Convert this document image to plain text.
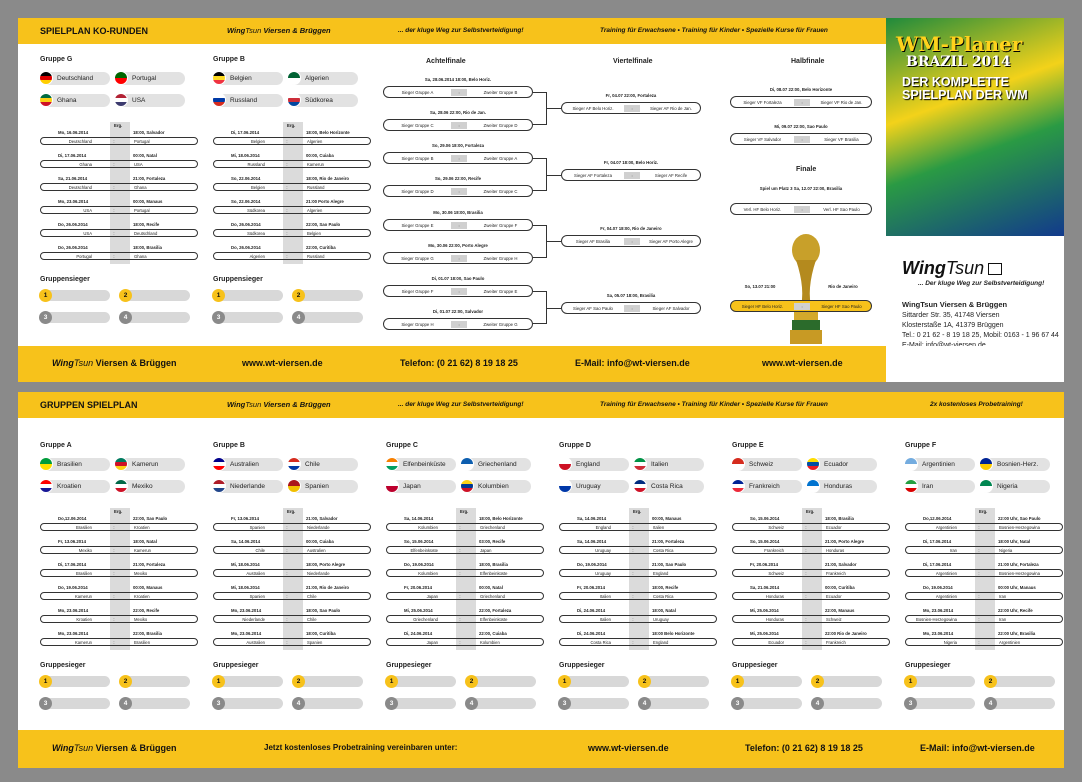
SPIELPLAN KO-RUNDEN	WingTsun Viersen & Brüggen	... der kluge Weg zur Selbstverteidigung!	Training für Erwachsene • Training für Kinder • Spezielle Kurse für Frauen
WM-Planer
BRAZIL 2014
DER KOMPLETTE
SPIELPLAN DER WM
WingTsun
... Der kluge Weg zur Selbstverteidigung!
WingTsun Viersen & Brüggen
Sittarder Str. 35, 41748 Viersen
Klosterstaße 1A, 41379 Brüggen
Tel.: 0 21 62 - 8 19 18 25, Mobil: 0163 - 1 96 67 44

WingTsun Viersen & Brüggen	www.wt-viersen.de	Telefon: (0 21 62) 8 19 18 25	E-Mail: info@wt-viersen.de	www.wt-viersen.de
Gruppe G
Deutschland	Portugal
Ghana	USA
Erg.
Mo, 16.06.2014	18:00, Salvador
Deutschland	:	Portugal
Di, 17.06.2014	00:00, Natal
Ghana	:	USA
Sa, 21.06.2014	21:00, Fortaleza
Deutschland	:	Ghana
Mo, 23.06.2014	00:00, Manaus
USA	:	Portugal
Do, 26.06.2014	18:00, Recife
USA	:	Deutschland
Do, 26.06.2014	18:00, Brasilia
Portugal	:	Ghana
Gruppensieger
1	2
3	4
Gruppe B
Belgien	Algerien
Russland	Südkorea
Erg.
Di, 17.06.2014	18:00, Belo Horizonte
Belgien	:	Algerien
Mi, 18.06.2014	00:00, Cuiaba
Russland	:	Kamerun
So, 22.06.2014	18:00, Rio de Janeiro
Belgien	:	Russland
So, 22.06.2014	21:00 Porto Alegre
Südkorea	:	Algerien
Do, 26.06.2014	22:00, Sao Paulo
Südkorea	:	Belgien
Do, 26.06.2014	22:00, Curitiba
Algerien	:	Russland
Gruppensieger
1	2
3	4
Achtelfinale	Viertelfinale	Halbfinale
Finale
Sa, 28.06.2014 18:00, Belo Horiz.
Sieger Gruppe A	:	Zweiter Gruppe B
Sa, 28.06 22:00, Rio de Jan.
Sieger Gruppe C	:	Zweiter Gruppe D
So, 29.06 18:00, Fortaleza
Sieger Gruppe B	:	Zweiter Gruppe A
So, 29.06 22:00, Recife
Sieger Gruppe D	:	Zweiter Gruppe C
Mo, 30.06 18:00, Brasilia
Sieger Gruppe E	:	Zweiter Gruppe F
Mo, 30.06 22:00, Porto Alegre
Sieger Gruppe G	:	Zweiter Gruppe H
Di, 01.07 18:00, Sao Paulo
Sieger Gruppe F	:	Zweiter Gruppe E
Di, 01.07 22:00, Salvador
Sieger Gruppe H	:	Zweiter Gruppe G
Fr, 04.07 22:00, Fortaleza
Sieger AF Belo Horiz.	:	Sieger AF Rio de Jan.
Fr, 04.07 18:00, Belo Horiz.
Sieger AF Fortaleza	:	Sieger AF Recife
Fr, 04.07 18:00, Rio de Janeiro
Sieger AF Brasilia	:	Sieger AF Porto Alegre
Sa, 05.07 18:00, Brasilia
Sieger AF Sao Paulo	:	Sieger AF Salvador
Di, 08.07 22:00, Belo Horizonte
Sieger VF Fortaleza	:	Sieger VF Rio de Jan.
Mi, 09.07 22:00, Sao Paulo
Sieger VF Salvador	:	Sieger VF Brasilia
Spiel um Platz 3 Sa, 12.07 22:00, Brasilia
Verl. HF Belo Horiz.	:	Verl. HF Sao Paulo
So, 13.07 21:00	Rio de Janeiro
Sieger HF Belo Horiz.	:	Sieger HF Sao Paulo
GRUPPEN SPIELPLAN	WingTsun Viersen & Brüggen	... der kluge Weg zur Selbstverteidigung!	Training für Erwachsene • Training für Kinder • Spezielle Kurse für Frauen	2x kostenloses Probetraining!
WingTsun Viersen & Brüggen	Jetzt kostenloses Probetraining vereinbaren unter:	www.wt-viersen.de	Telefon: (0 21 62) 8 19 18 25	E-Mail: info@wt-viersen.de
Gruppe A
Brasilien	Kamerun
Kroatien	Mexiko
Erg.
Do,12.06.2014	22:00, Sao Paulo
Brasilien	:	Kroatien
Fr, 13.06.2014	18:00, Natal
Mexiko	:	Kamerun
Di, 17.06.2014	21:00, Fortaleza
Brasilien	:	Mexiko
Do, 19.06.2014	00:00, Manaus
Kamerun	:	Kroatien
Mo, 23.06.2014	22:00, Recife
Kroatien	:	Mexiko
Mo, 23.06.2014	22:00, Brasilia
Kamerun	:	Brasilien
Gruppesieger
1	2
3	4
Gruppe B
Australien	Chile
Niederlande	Spanien
Erg.
Fr, 13.06.2014	21:00, Salvador
Spanien	:	Niederlande
Sa, 14.06.2014	00:00, Cuiaba
Chile	:	Australien
Mi, 18.06.2014	18:00, Porto Alegre
Australien	:	Niederlande
Mi, 18.06.2014	21:00, Rio de Janeiro
Spanien	:	Chile
Mo, 23.06.2014	18:00, Sao Paulo
Niederlande	:	Chile
Mo, 23.06.2014	18:00, Curitiba
Australien	:	Spanien
Gruppesieger
1	2
3	4
Gruppe C
Elfenbeinküste	Griechenland
Japan	Kolumbien
Erg.
Sa, 14.06.2014	18:00, Belo Horizonte
Kolumbien	:	Griechenland
So, 15.06.2014	03:00, Recife
Elfenbeinküste	:	Japan
Do, 19.06.2014	18:00, Brasilia
Kolumbien	:	Elfenbeinküste
Fr, 20.06.2014	00:00, Natal
Japan	:	Griechenland
Mi, 25.06.2014	22:00, Fortaleza
Griechenland	:	Elfenbeinküste
Di, 24.06.2014	22:00, Cuiaba
Japan	:	Kolumbien
Gruppesieger
1	2
3	4
Gruppe D
England	Italien
Uruguay	Costa Rica
Erg.
Sa, 14.06.2014	00:00, Manaus
England	:	Italien
Sa, 14.06.2014	21:00, Fortaleza
Uruguay	:	Costa Rica
Do, 19.06.2014	21:00, Sao Paulo
Uruguay	:	England
Fr, 20.06.2014	18:00, Recife
Italien	:	Costa Rica
Di, 24.06.2014	18:00, Natal
Italien	:	Uruguay
Di, 24.06.2014	18:00 Belo Horizonte
Costa Rica	:	England
Gruppesieger
1	2
3	4
Gruppe E
Schweiz	Ecuador
Frankreich	Honduras
Erg.
So, 15.06.2014	18:00, Brasilia
Schweiz	:	Ecuador
So, 15.06.2014	21:00, Porto Alegre
Frankreich	:	Honduras
Fr, 20.06.2014	21:00, Salvador
Schweiz	:	Frankreich
Sa, 21.06.2014	00:00, Curitiba
Honduras	:	Ecuador
Mi, 25.06.2014	22:00, Manaus
Honduras	:	Schweiz
Mi, 25.06.2014	22:00 Rio de Janeiro
Ecuador	:	Frankreich
Gruppesieger
1	2
3	4
Gruppe F
Argentinien	Bosnien-Herz.
Iran	Nigeria
Erg.
Do,12.06.2014	22:00 Uhr, Sao Paulo
Argentinien	:	Bosnien-Herzegowina
Di, 17.06.2014	18:00 Uhr, Natal
Iran	:	Nigeria
Di, 17.06.2014	21:00 Uhr, Fortaleza
Argentinien	:	Bosnien-Herzegowina
Do, 19.06.2014	00:00 Uhr, Manaus
Argentinien	:	Iran
Mo, 23.06.2014	22:00 Uhr, Recife
Bosnien-Herzegowina	:	Iran
Mo, 23.06.2014	22:00 Uhr, Brasilia
Nigeria	:	Argentinien
Gruppesieger
1	2
3	4
